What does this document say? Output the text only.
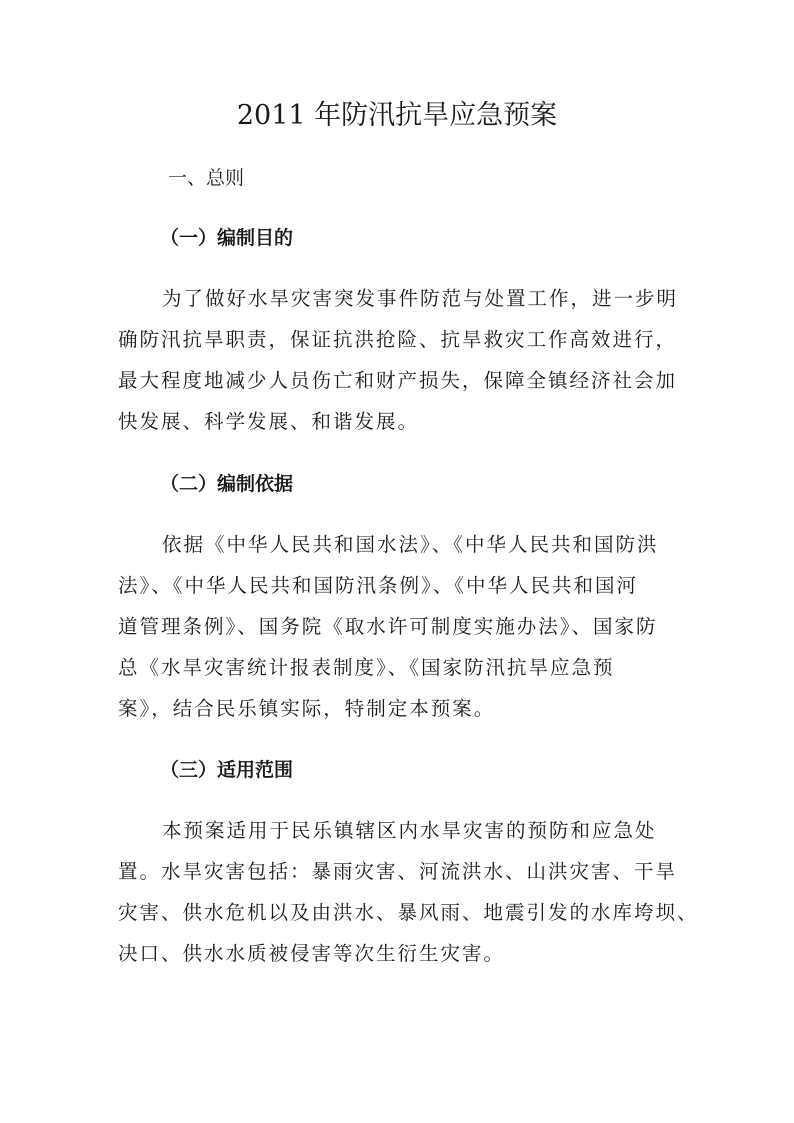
2011 年防汛抗旱应急预案
一、总则
（一）编制目的

为了做好水旱灾害突发事件防范与处置工作，进一步明
确防汛抗旱职责，保证抗洪抢险、抗旱救灾工作高效进行，
最大程度地减少人员伤亡和财产损失，保障全镇经济社会加
快发展、科学发展、和谐发展。

（二）编制依据

依据《中华人民共和国水法》、《中华人民共和国防洪
法》、《中华人民共和国防汛条例》、《中华人民共和国河
道管理条例》、国务院《取水许可制度实施办法》、国家防
总《水旱灾害统计报表制度》、《国家防汛抗旱应急预
案》，结合民乐镇实际，特制定本预案。

（三）适用范围

本预案适用于民乐镇辖区内水旱灾害的预防和应急处
置。水旱灾害包括：暴雨灾害、河流洪水、山洪灾害、干旱
灾害、供水危机以及由洪水、暴风雨、地震引发的水库垮坝、
决口、供水水质被侵害等次生衍生灾害。
